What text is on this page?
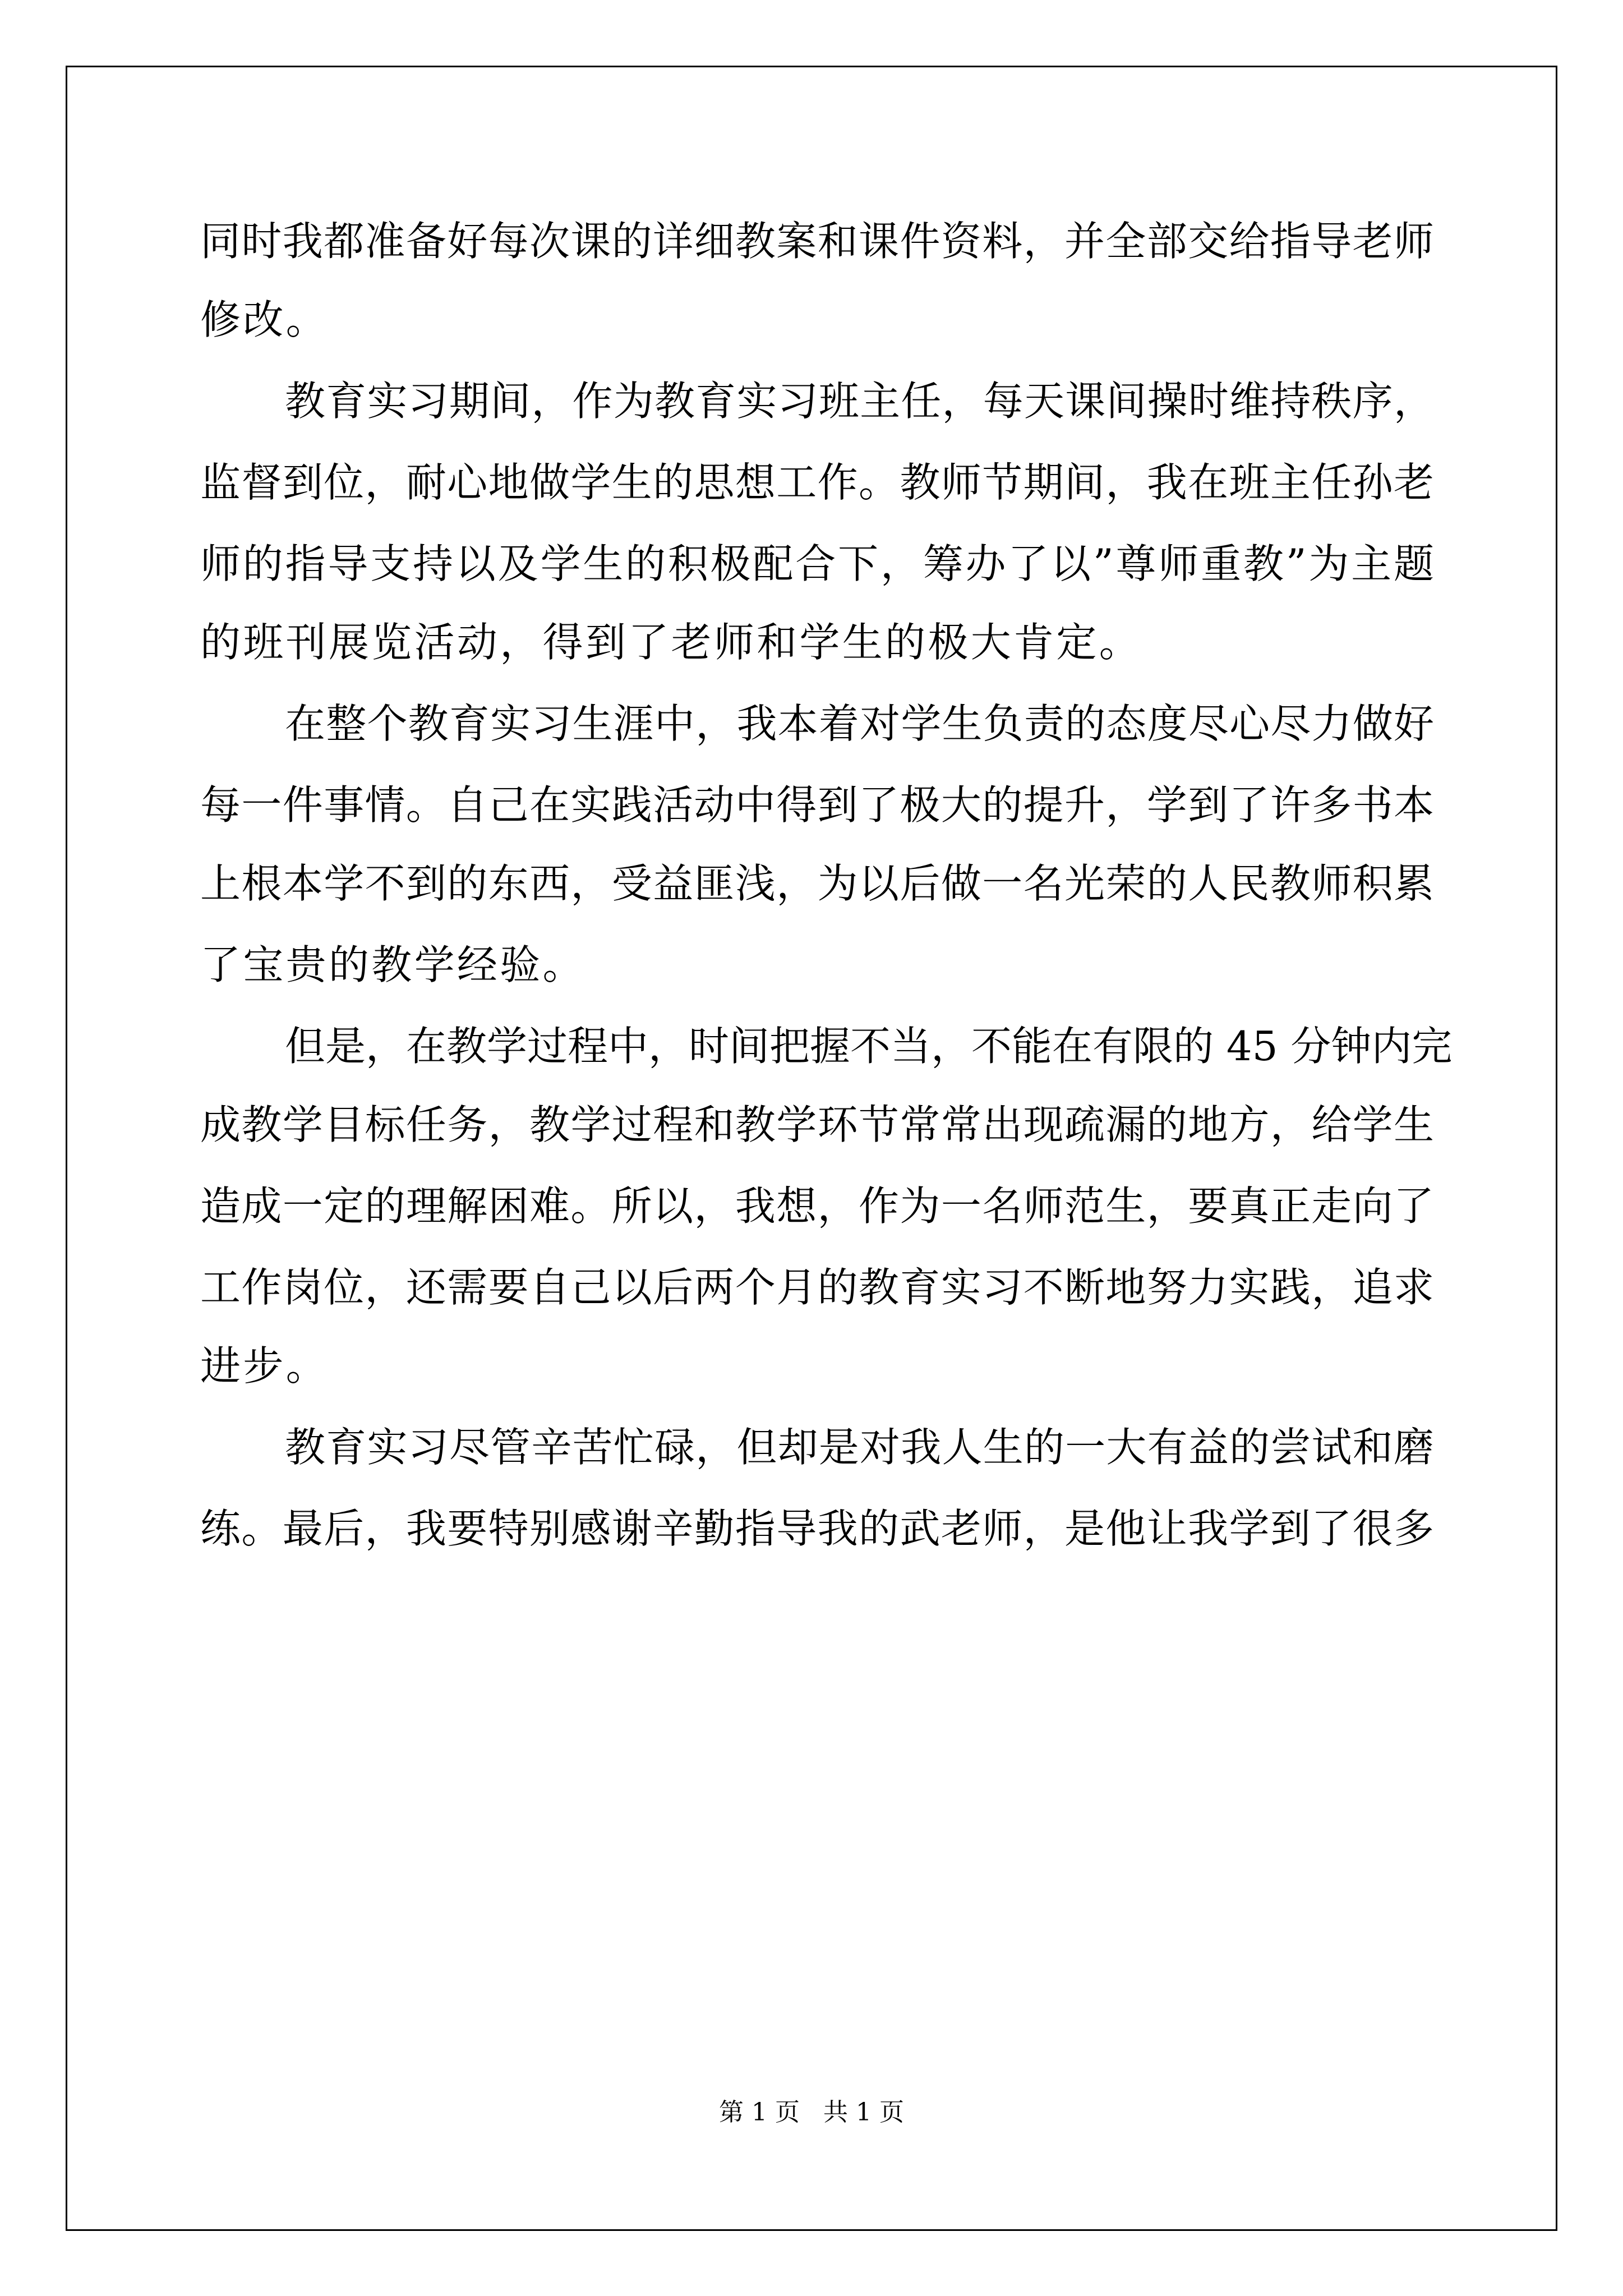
同时我都准备好每次课的详细教案和课件资料，并全部交给指导老师
修改。
教育实习期间，作为教育实习班主任，每天课间操时维持秩序，
监督到位，耐心地做学生的思想工作。教师节期间，我在班主任孙老
师的指导支持以及学生的积极配合下，筹办了以”尊师重教”为主题
的班刊展览活动，得到了老师和学生的极大肯定。
在整个教育实习生涯中，我本着对学生负责的态度尽心尽力做好
每一件事情。自己在实践活动中得到了极大的提升，学到了许多书本
上根本学不到的东西，受益匪浅，为以后做一名光荣的人民教师积累
了宝贵的教学经验。
但是，在教学过程中，时间把握不当，不能在有限的 45 分钟内完
成教学目标任务，教学过程和教学环节常常出现疏漏的地方，给学生
造成一定的理解困难。所以，我想，作为一名师范生，要真正走向了
工作岗位，还需要自己以后两个月的教育实习不断地努力实践，追求
进步。
教育实习尽管辛苦忙碌，但却是对我人生的一大有益的尝试和磨
练。最后，我要特别感谢辛勤指导我的武老师，是他让我学到了很多
第 1 页   共 1 页
